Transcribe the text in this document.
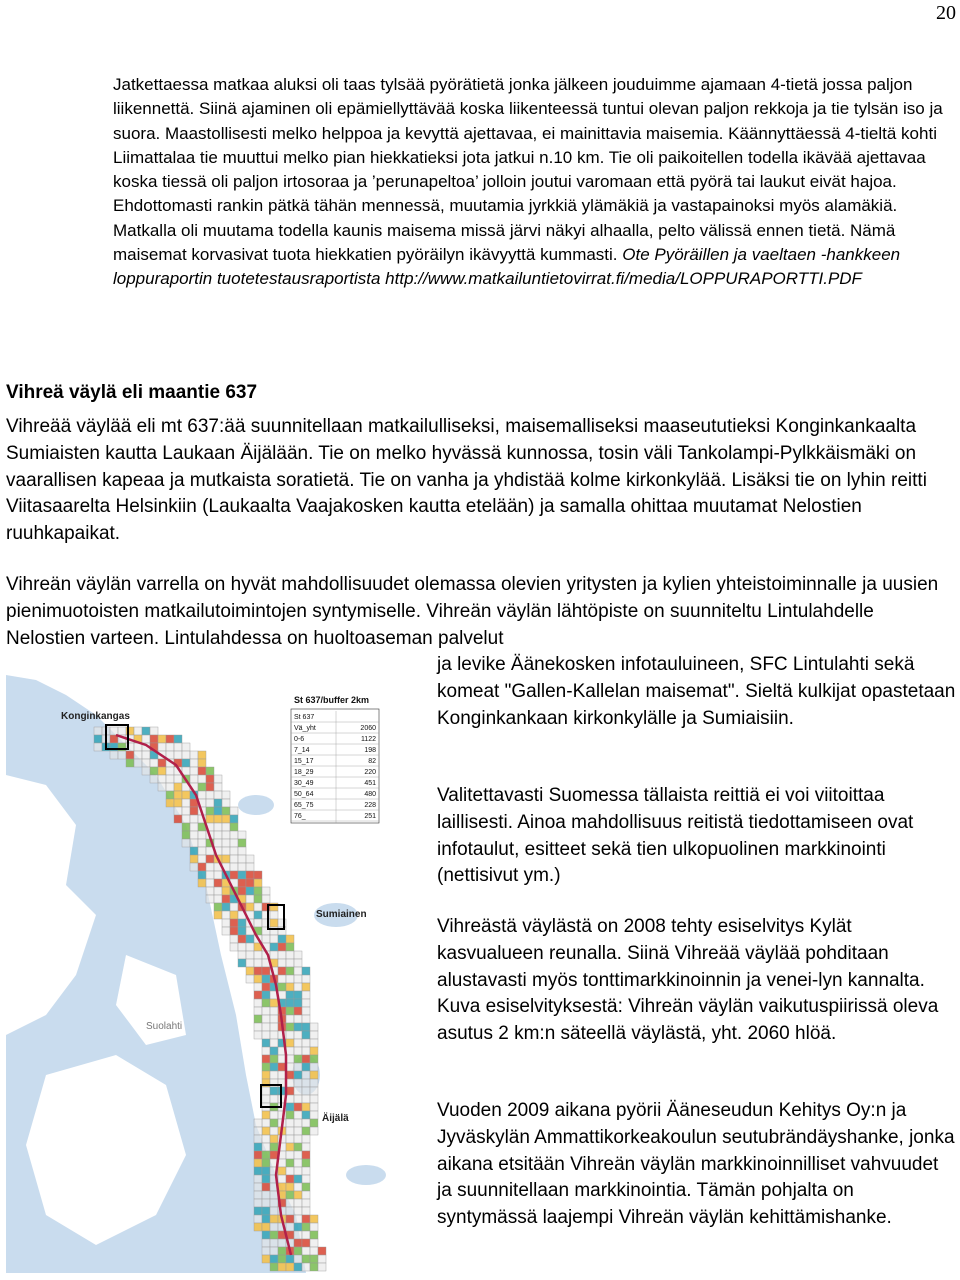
20

Jatkettaessa matkaa aluksi oli taas tylsää pyörätietä jonka jälkeen jouduimme ajamaan 4-tietä jossa paljon liikennettä. Siinä ajaminen oli epämiellyttävää koska liikenteessä tuntui olevan paljon rekkoja ja tie tylsän iso ja suora. Maastollisesti melko helppoa ja kevyttä ajettavaa, ei mainittavia maisemia. Käännyttäessä 4-tieltä kohti Liimattalaa tie muuttui melko pian hiekkatieksi jota jatkui n.10 km. Tie oli paikoitellen todella ikävää ajettavaa koska tiessä oli paljon irtosoraa ja ’perunapeltoa’ jolloin joutui varomaan että pyörä tai laukut eivät hajoa. Ehdottomasti rankin pätkä tähän mennessä, muutamia jyrkkiä ylämäkiä ja vastapainoksi myös alamäkiä. Matkalla oli muutama todella kaunis maisema missä järvi näkyi alhaalla, pelto välissä ennen tietä. Nämä maisemat korvasivat tuota hiekkatien pyöräilyn ikävyyttä kummasti. Ote Pyöräillen ja vaeltaen -hankkeen loppuraportin tuotetestausraportista http://www.matkailuntietovirrat.fi/media/LOPPURAPORTTI.PDF

Vihreä väylä eli maantie 637

Vihreää väylää eli mt 637:ää suunnitellaan matkailulliseksi, maisemalliseksi maaseututieksi Konginkankaalta Sumiaisten kautta Laukaan Äijälään. Tie on melko hyvässä kunnossa, tosin väli Tankolampi-Pylkkäismäki on vaarallisen kapeaa ja mutkaista soratietä. Tie on vanha ja yhdistää kolme kirkonkylää. Lisäksi tie on lyhin reitti Viitasaarelta Helsinkiin (Laukaalta Vaajakosken kautta etelään) ja samalla ohittaa muutamat Nelostien ruuhkapaikat.

Vihreän väylän varrella on hyvät mahdollisuudet olemassa olevien yritysten ja kylien yhteistoiminnalle ja uusien pienimuotoisten matkailutoimintojen syntymiselle. Vihreän väylän lähtöpiste on suunniteltu Lintulahdelle Nelostien varteen. Lintulahdessa on huoltoaseman palvelut

ja levike Äänekosken infotauluineen, SFC Lintulahti sekä komeat "Gallen-Kallelan maisemat". Sieltä kulkijat opastetaan Konginkankaan kirkonkylälle ja Sumiaisiin.

Valitettavasti Suomessa tällaista reittiä ei voi viitoittaa laillisesti. Ainoa mahdollisuus reitistä tiedottamiseen ovat infotaulut, esitteet sekä tien ulkopuolinen markkinointi (nettisivut ym.)

Vihreästä väylästä on 2008 tehty esiselvitys Kylät kasvualueen reunalla. Siinä Vihreää väylää pohditaan alustavasti myös tonttimarkkinoinnin ja venei-lyn kannalta. Kuva esiselvityksestä: Vihreän väylän vaikutuspiirissä oleva asutus 2 km:n säteellä väylästä, yht. 2060 hlöä.

Vuoden 2009 aikana pyörii Ääneseudun Kehitys Oy:n ja Jyväskylän Ammattikorkeakoulun seutubrändäyshanke, jonka aikana etsitään Vihreän väylän markkinoinnilliset vahvuudet ja suunnitellaan markkinointia. Tämän pohjalta on syntymässä laajempi Vihreän väylän kehittämishanke.

Konginkangas
Sumiainen
Suolahti
Äijälä
St 637/buffer 2km
St 637
Vä_yht	2060
0-6	1122
7_14	198
15_17	82
18_29	220
30_49	451
50_64	480
65_75	228
76_	251
